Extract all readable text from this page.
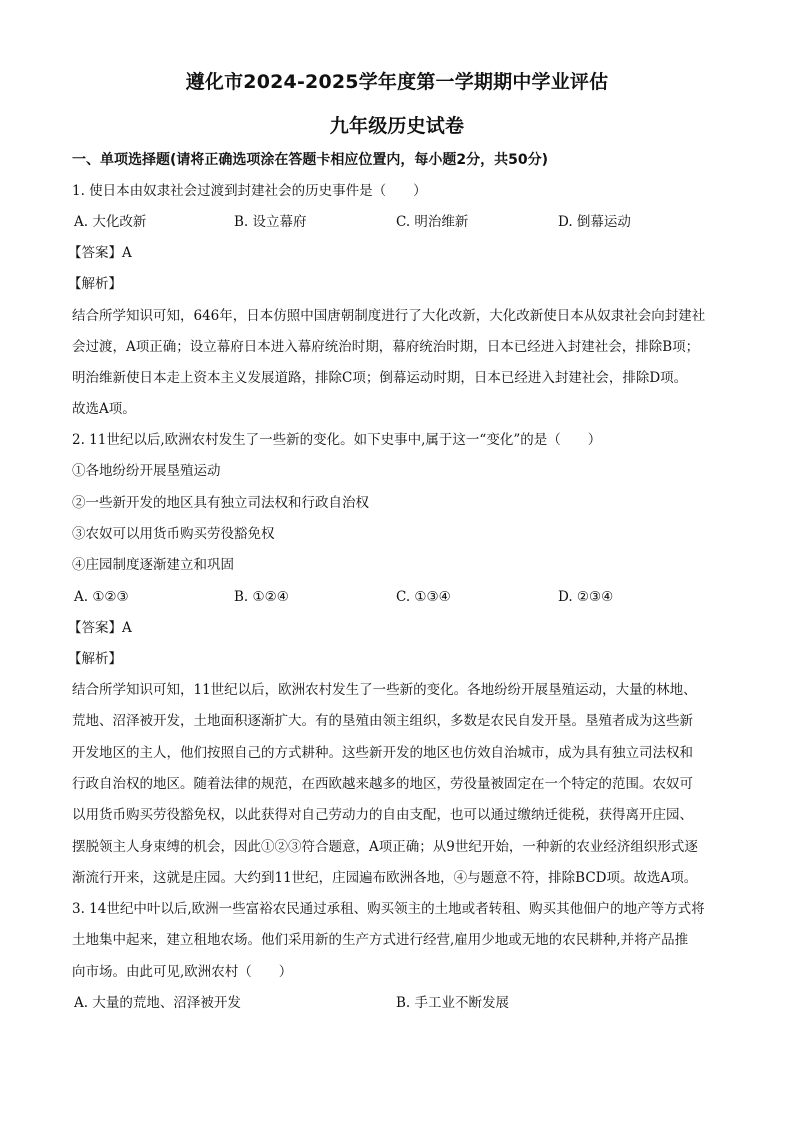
遵化市2024-2025学年度第一学期期中学业评估
九年级历史试卷
一、单项选择题(请将正确选项涂在答题卡相应位置内，每小题2分，共50分)
1. 使日本由奴隶社会过渡到封建社会的历史事件是（　　）
A. 大化改新	B. 设立幕府	C. 明治维新	D. 倒幕运动
【答案】A
【解析】
结合所学知识可知，646年，日本仿照中国唐朝制度进行了大化改新，大化改新使日本从奴隶社会向封建社
会过渡，A项正确；设立幕府日本进入幕府统治时期，幕府统治时期，日本已经进入封建社会，排除B项；
明治维新使日本走上资本主义发展道路，排除C项；倒幕运动时期，日本已经进入封建社会，排除D项。
故选A项。
2. 11世纪以后,欧洲农村发生了一些新的变化。如下史事中,属于这一“变化”的是（　　）
①各地纷纷开展垦殖运动
②一些新开发的地区具有独立司法权和行政自治权
③农奴可以用货币购买劳役豁免权
④庄园制度逐渐建立和巩固
A. ①②③	B. ①②④	C. ①③④	D. ②③④
【答案】A
【解析】
结合所学知识可知，11世纪以后，欧洲农村发生了一些新的变化。各地纷纷开展垦殖运动，大量的林地、
荒地、沼泽被开发，土地面积逐渐扩大。有的垦殖由领主组织，多数是农民自发开垦。垦殖者成为这些新
开发地区的主人，他们按照自己的方式耕种。这些新开发的地区也仿效自治城市，成为具有独立司法权和
行政自治权的地区。随着法律的规范，在西欧越来越多的地区，劳役量被固定在一个特定的范围。农奴可
以用货币购买劳役豁免权，以此获得对自己劳动力的自由支配，也可以通过缴纳迁徙税，获得离开庄园、
摆脱领主人身束缚的机会，因此①②③符合题意，A项正确；从9世纪开始，一种新的农业经济组织形式逐
渐流行开来，这就是庄园。大约到11世纪，庄园遍布欧洲各地，④与题意不符，排除BCD项。故选A项。
3. 14世纪中叶以后,欧洲一些富裕农民通过承租、购买领主的土地或者转租、购买其他佃户的地产等方式将
土地集中起来，建立租地农场。他们采用新的生产方式进行经营,雇用少地或无地的农民耕种,并将产品推
向市场。由此可见,欧洲农村（　　）
A. 大量的荒地、沼泽被开发	B. 手工业不断发展
